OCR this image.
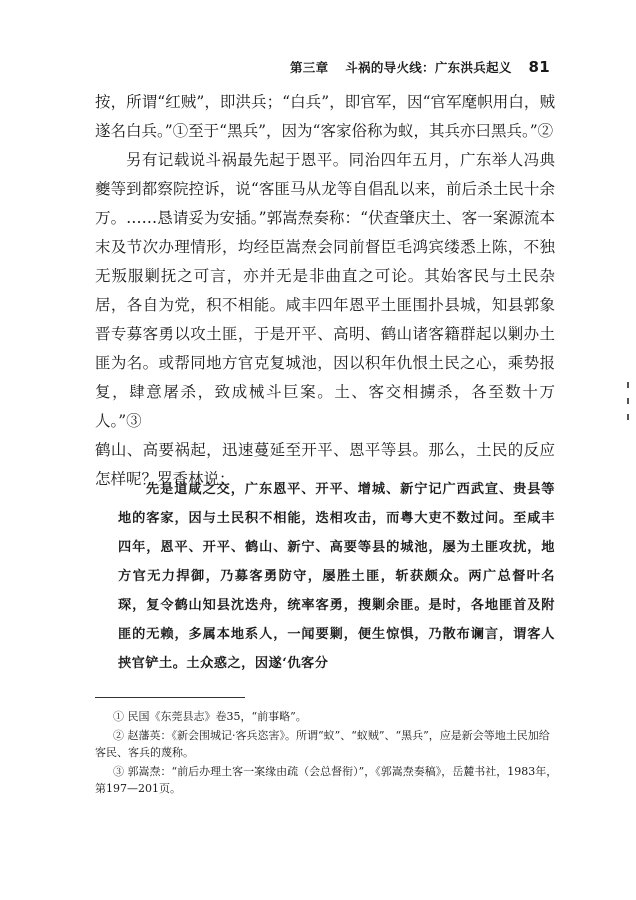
第三章 斗祸的导火线：广东洪兵起义 81

按，所谓“红贼”，即洪兵；“白兵”，即官军，因“官军麾帜用白，贼遂名白兵。”①至于“黑兵”，因为“客家俗称为蚁，其兵亦曰黑兵。”②

另有记载说斗祸最先起于恩平。同治四年五月，广东举人冯典夔等到都察院控诉，说“客匪马从龙等自倡乱以来，前后杀土民十余万。……恳请妥为安插。”郭嵩焘奏称：“伏查肇庆土、客一案源流本末及节次办理情形，均经臣嵩焘会同前督臣毛鸿宾缕悉上陈，不独无叛服剿抚之可言，亦并无是非曲直之可论。其始客民与土民杂居，各自为党，积不相能。咸丰四年恩平土匪围扑县城，知县郭象晋专募客勇以攻土匪，于是开平、高明、鹤山诸客籍群起以剿办土匪为名。或帮同地方官克复城池，因以积年仇恨土民之心，乘势报复，肆意屠杀，致成械斗巨案。土、客交相擄杀，各至数十万人。”③

鹤山、高要祸起，迅速蔓延至开平、恩平等县。那么，土民的反应怎样呢？罗香林说：

先是道咸之交，广东恩平、开平、增城、新宁记广西武宣、贵县等地的客家，因与土民积不相能，迭相攻击，而粤大吏不数过问。至咸丰四年，恩平、开平、鹤山、新宁、高要等县的城池，屡为土匪攻扰，地方官无力捍御，乃募客勇防守，屡胜土匪，斩获颇众。两广总督叶名琛，复令鹤山知县沈迭舟，统率客勇，搜剿余匪。是时，各地匪首及附匪的无赖，多属本地系人，一闻要剿，便生惊惧，乃散布谰言，谓客人挟官铲土。土众惑之，因遂‘仇客分

① 民国《东莞县志》卷35，“前事略”。

② 赵藩英：《新会围城记·客兵恣害》。所谓“蚁”、“蚁贼”、“黑兵”，应是新会等地土民加给客民、客兵的蔑称。

③ 郭嵩焘：“前后办理土客一案缘由疏（会总督衔）”，《郭嵩焘奏稿》，岳麓书社，1983年，第197—201页。
